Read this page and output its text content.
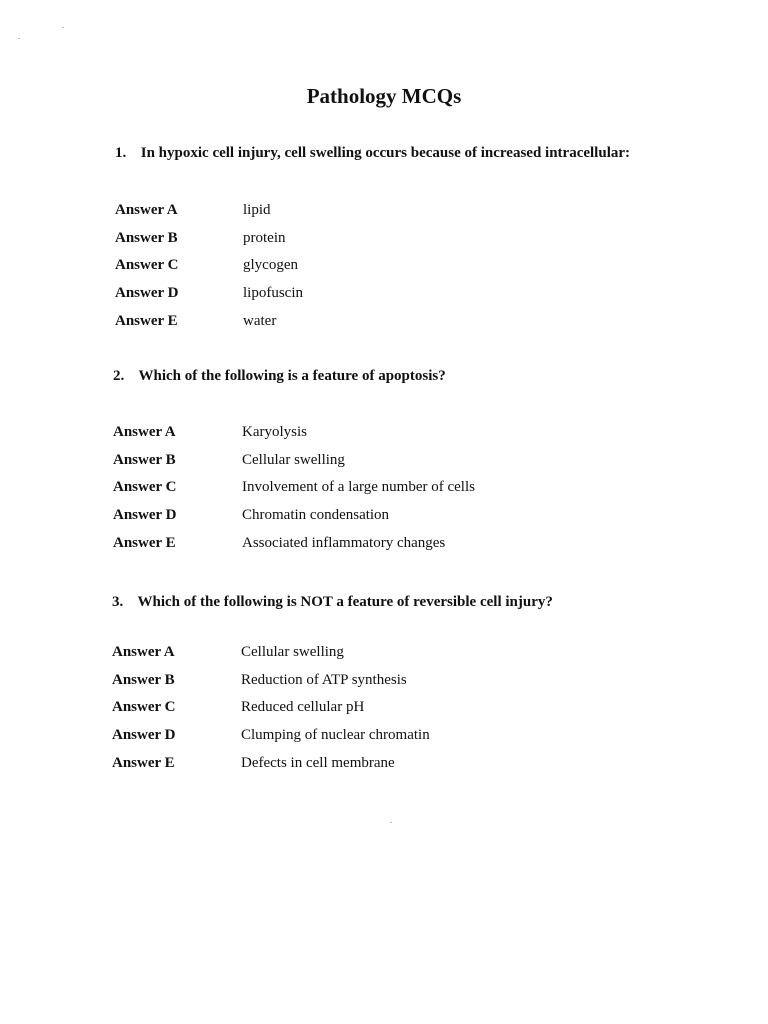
Pathology MCQs
1. In hypoxic cell injury, cell swelling occurs because of increased intracellular:
Answer A	lipid
Answer B	protein
Answer C	glycogen
Answer D	lipofuscin
Answer E	water
2. Which of the following is a feature of apoptosis?
Answer A	Karyolysis
Answer B	Cellular swelling
Answer C	Involvement of a large number of cells
Answer D	Chromatin condensation
Answer E	Associated inflammatory changes
3. Which of the following is NOT a feature of reversible cell injury?
Answer A	Cellular swelling
Answer B	Reduction of ATP synthesis
Answer C	Reduced cellular pH
Answer D	Clumping of nuclear chromatin
Answer E	Defects in cell membrane
